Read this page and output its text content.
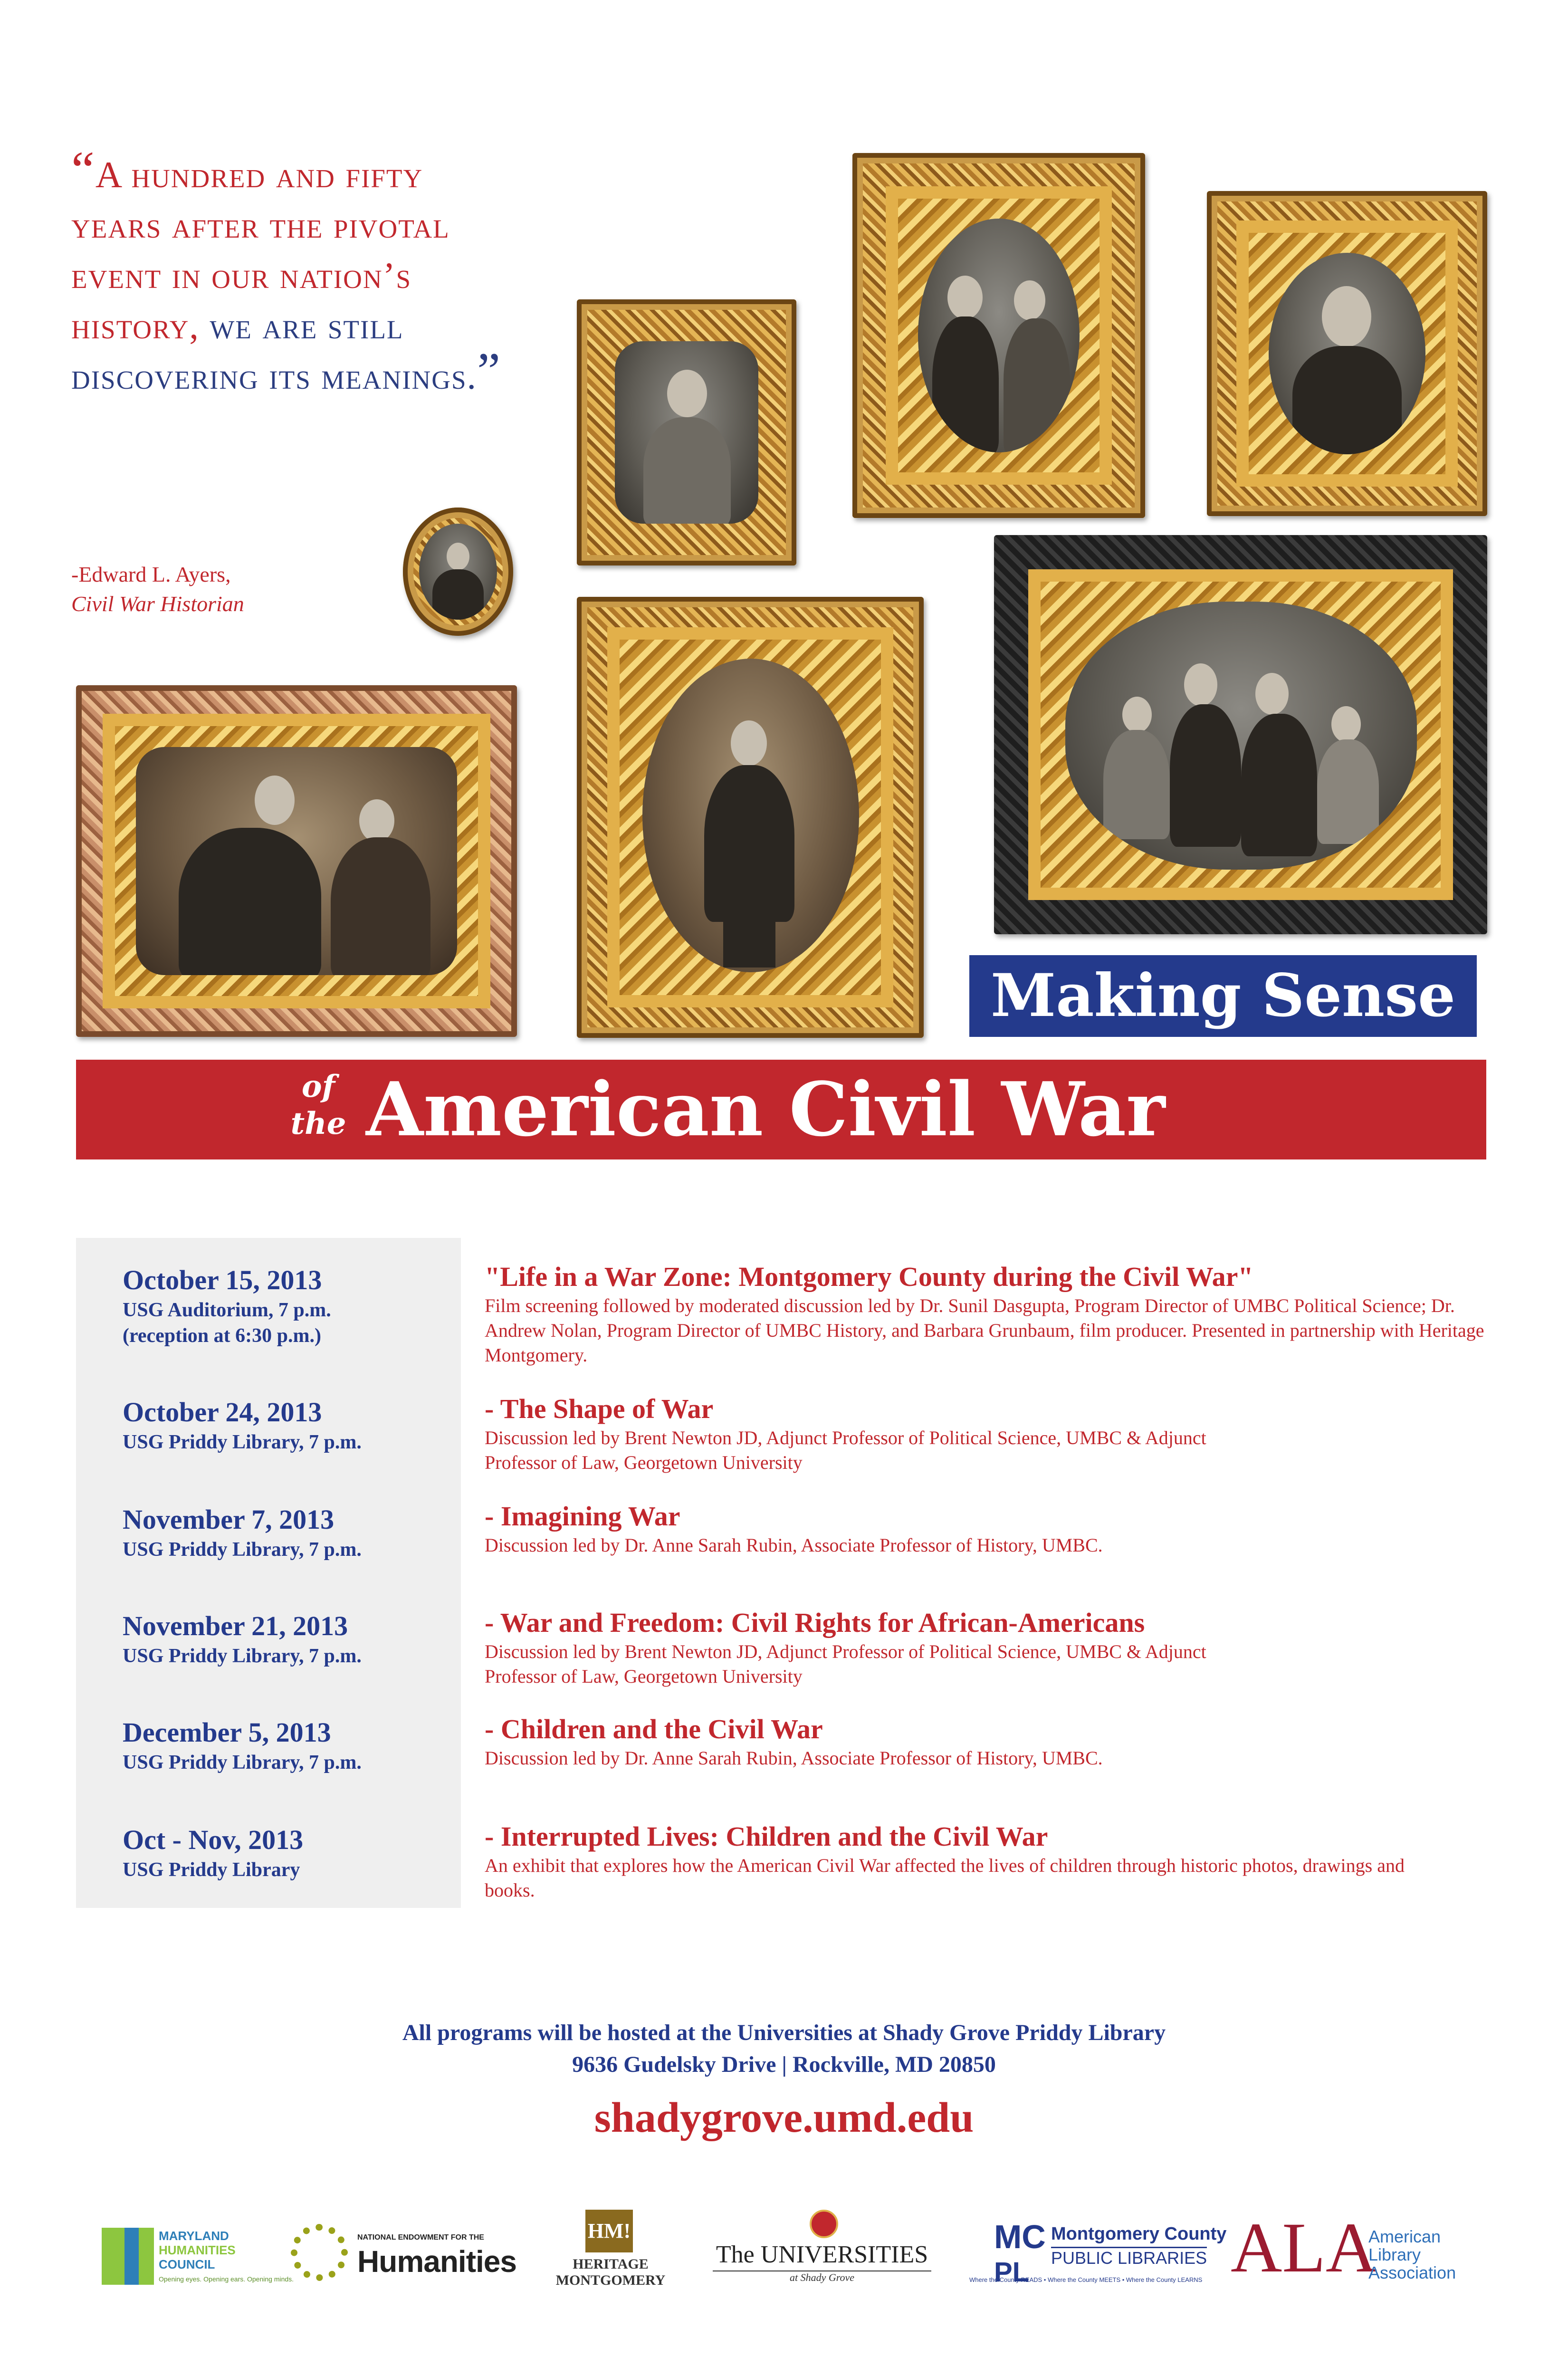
“A hundred and fifty years after the pivotal event in our nation’s history, we are still discovering its meanings.”
-Edward L. Ayers,
Civil War Historian
Making Sense
of
the American Civil War
October 15, 2013
USG Auditorium, 7 p.m.
(reception at 6:30 p.m.)
"Life in a War Zone: Montgomery County during the Civil War"
Film screening followed by moderated discussion led by Dr. Sunil Dasgupta, Program Director of UMBC Political Science; Dr. Andrew Nolan, Program Director of UMBC History, and Barbara Grunbaum, film producer. Presented in partnership with Heritage Montgomery.
October 24, 2013
USG Priddy Library, 7 p.m.
- The Shape of War
Discussion led by Brent Newton JD, Adjunct Professor of Political Science, UMBC & Adjunct Professor of Law, Georgetown University
November 7, 2013
USG Priddy Library, 7 p.m.
- Imagining War
Discussion led by Dr. Anne Sarah Rubin, Associate Professor of History, UMBC.
November 21, 2013
USG Priddy Library, 7 p.m.
- War and Freedom: Civil Rights for African-Americans
Discussion led by Brent Newton JD, Adjunct Professor of Political Science, UMBC & Adjunct Professor of Law, Georgetown University
December 5, 2013
USG Priddy Library, 7 p.m.
- Children and the Civil War
Discussion led by Dr. Anne Sarah Rubin, Associate Professor of History, UMBC.
Oct - Nov, 2013
USG Priddy Library
- Interrupted Lives: Children and the Civil War
An exhibit that explores how the American Civil War affected the lives of children through historic photos, drawings and books.
All programs will be hosted at the Universities at Shady Grove Priddy Library
9636 Gudelsky Drive | Rockville, MD 20850
shadygrove.umd.edu
MARYLAND
HUMANITIES
COUNCIL
Opening eyes. Opening ears. Opening minds.
NATIONAL ENDOWMENT FOR THE
Humanities
HM!
HERITAGE
MONTGOMERY
The UNIVERSITIES
at Shady Grove
MC
PL
Montgomery County
PUBLIC LIBRARIES
Where the County READS • Where the County MEETS • Where the County LEARNS ALA
American
Library
Association
